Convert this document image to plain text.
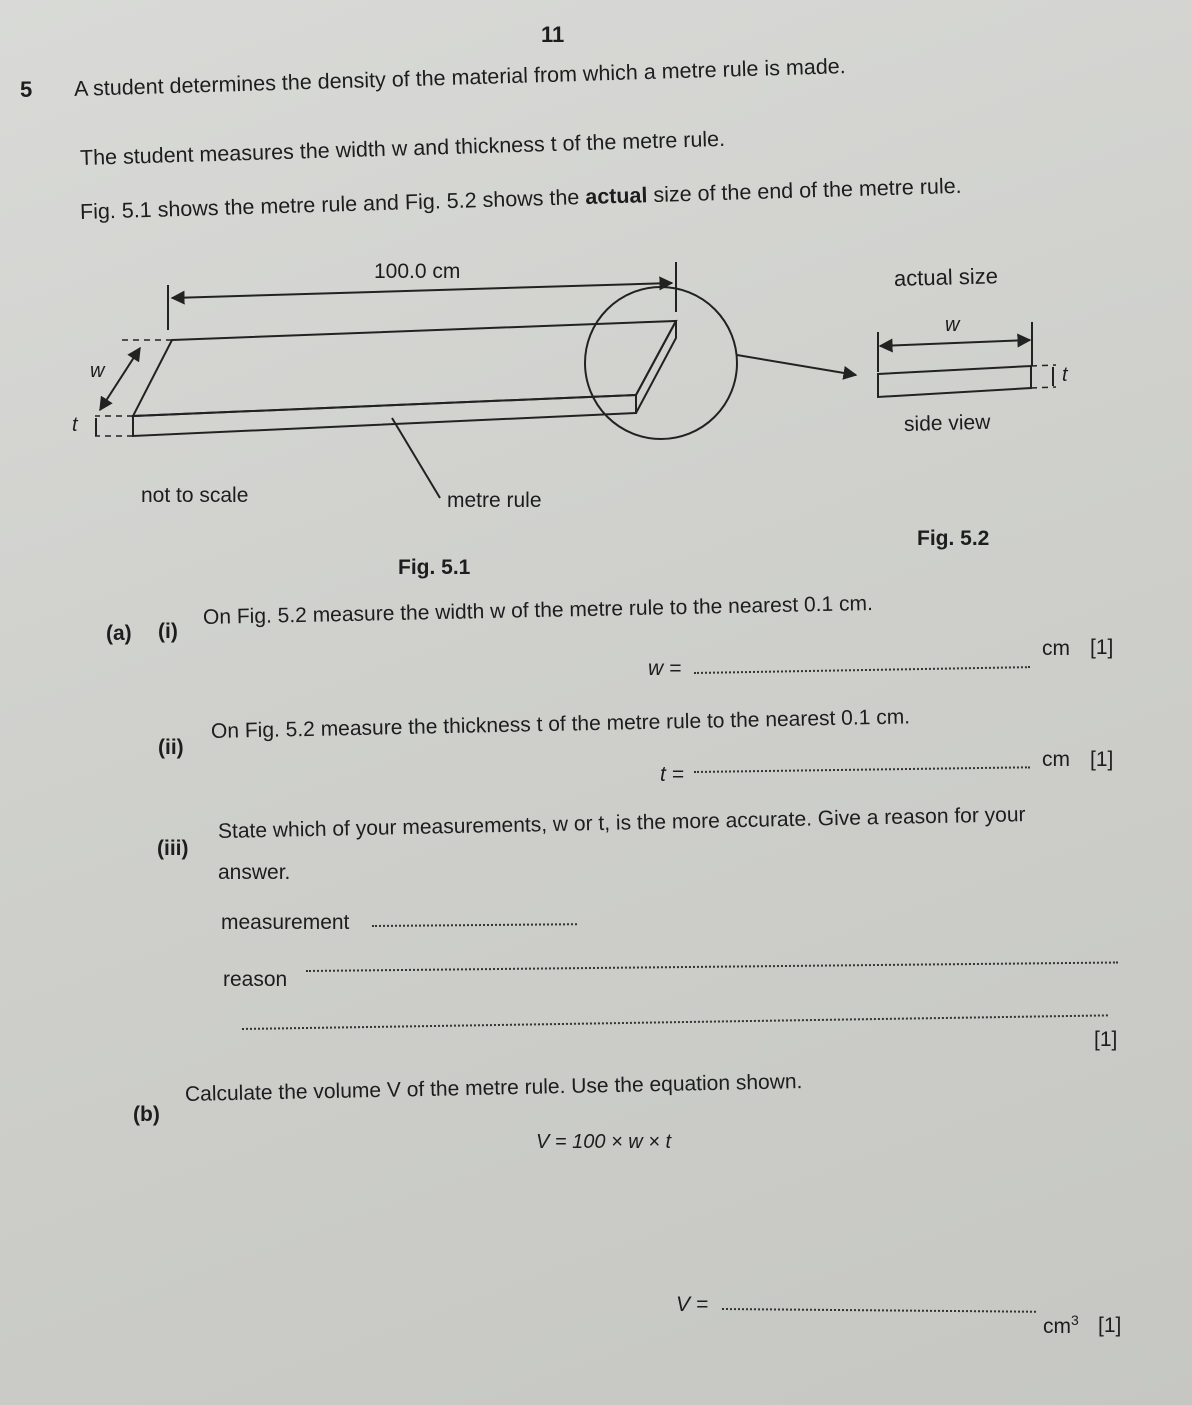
11
5 A student determines the density of the material from which a metre rule is made.
The student measures the width w and thickness t of the metre rule.
Fig. 5.1 shows the metre rule and Fig. 5.2 shows the actual size of the end of the metre rule.
100.0 cm
w
t
not to scale	metre rule
Fig. 5.1
actual size
w
t
side view
Fig. 5.2
(a) (i)
On Fig. 5.2 measure the width w of the metre rule to the nearest 0.1 cm.
w =
cm [1]
(ii)
On Fig. 5.2 measure the thickness t of the metre rule to the nearest 0.1 cm.
t =
cm [1]
(iii)
State which of your measurements, w or t, is the more accurate. Give a reason for your
answer.
measurement
reason
[1]
(b)
Calculate the volume V of the metre rule. Use the equation shown.
V = 100 × w × t
V =
$cm^3$ [1]
